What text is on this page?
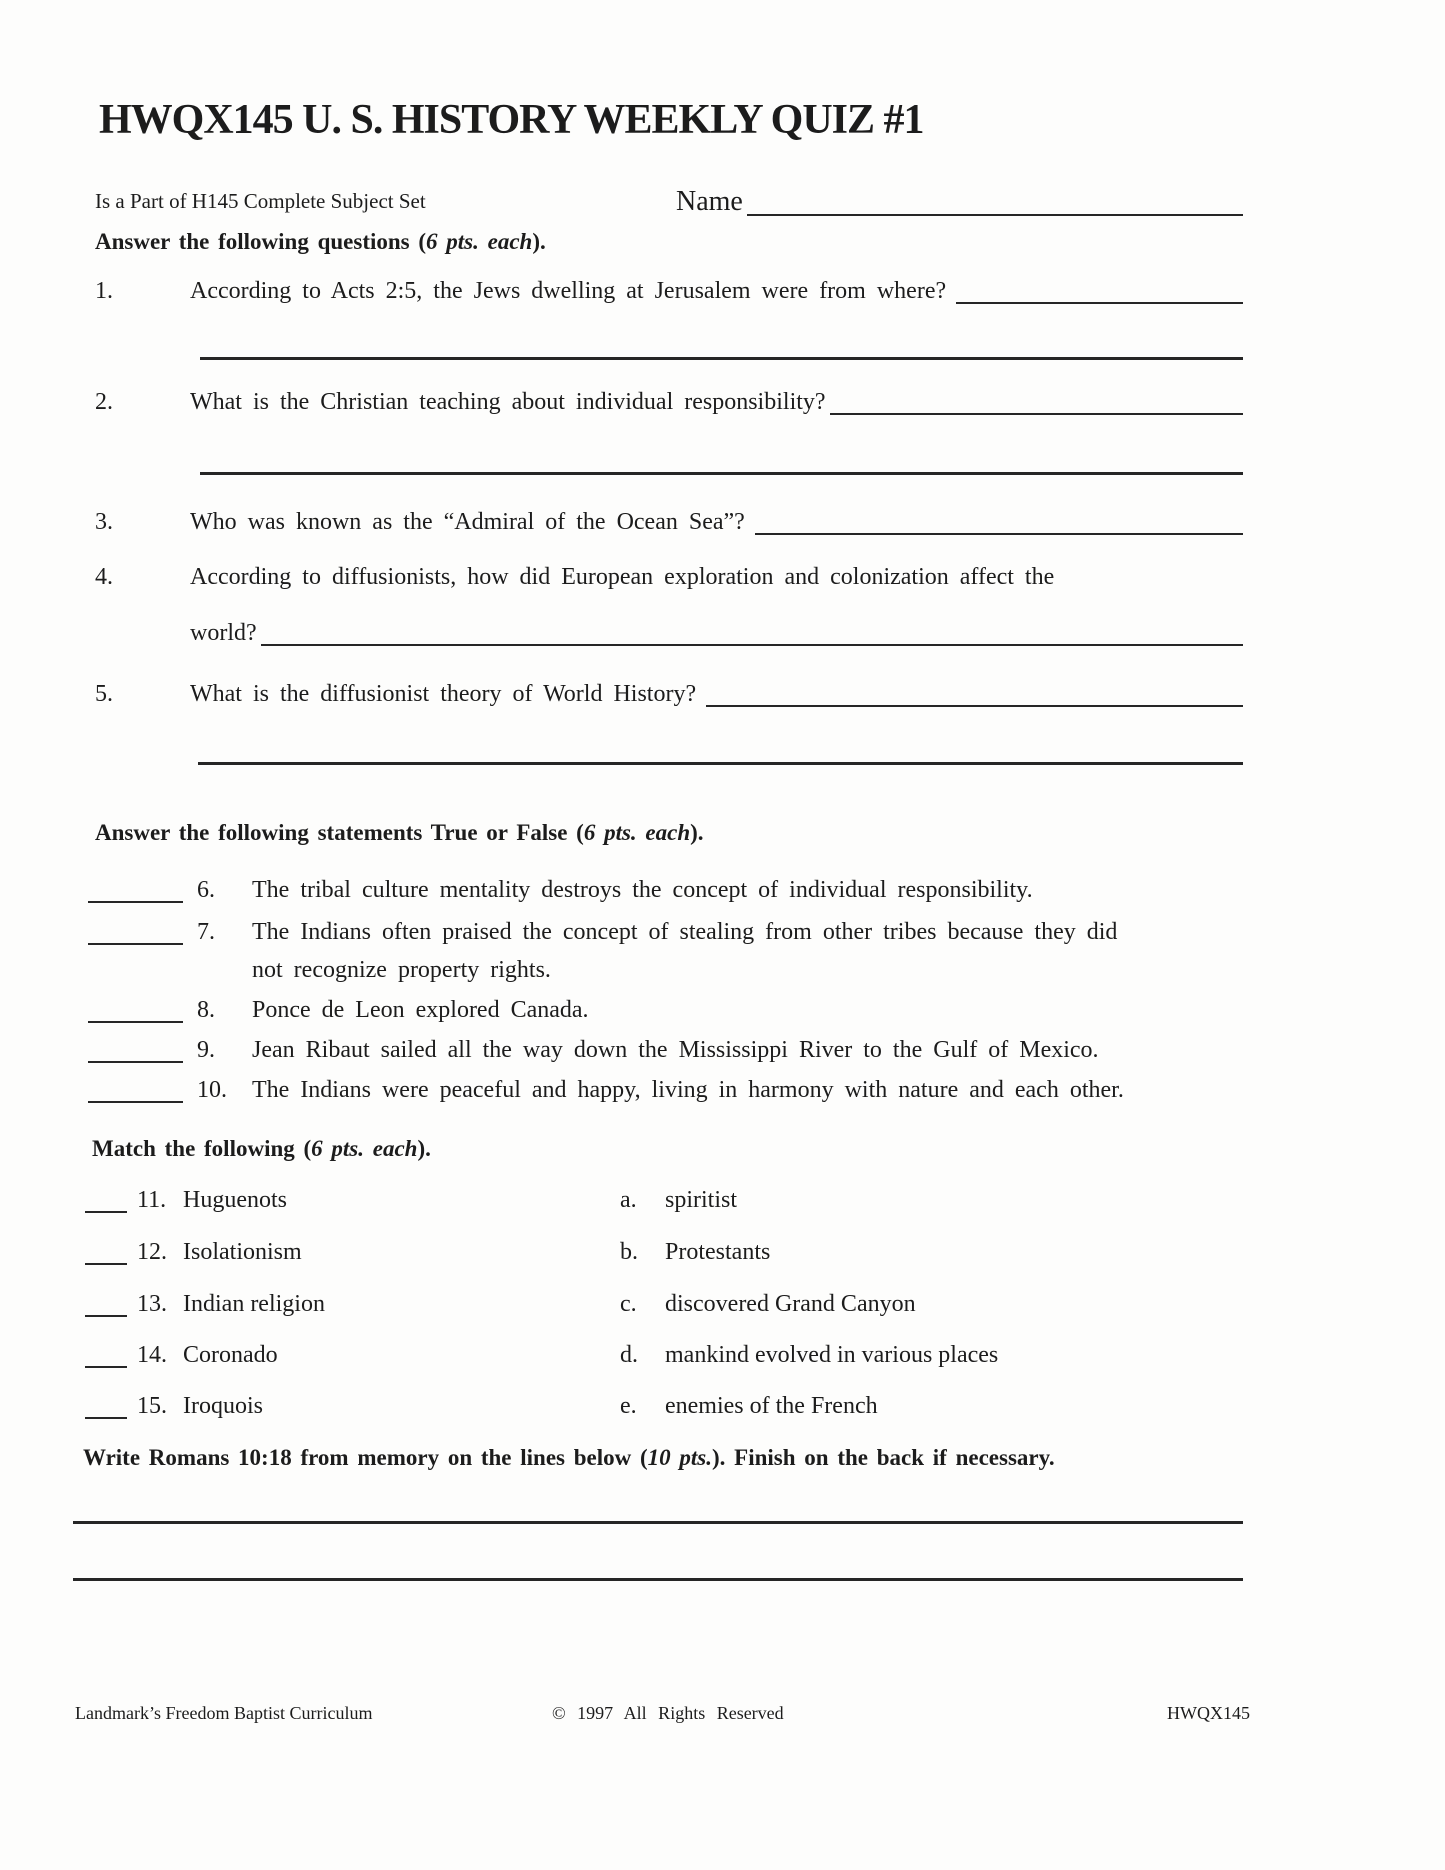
HWQX145 U. S. HISTORY WEEKLY QUIZ #1
Is a Part of H145 Complete Subject Set	Name
Answer the following questions (6 pts. each).
1.	According to Acts 2:5, the Jews dwelling at Jerusalem were from where?
2.	What is the Christian teaching about individual responsibility?
3.	Who was known as the “Admiral of the Ocean Sea”?
4.	According to diffusionists, how did European exploration and colonization affect the
world?
5.	What is the diffusionist theory of World History?
Answer the following statements True or False (6 pts. each).
6.	The tribal culture mentality destroys the concept of individual responsibility.
7.	The Indians often praised the concept of stealing from other tribes because they did
not recognize property rights.
8.	Ponce de Leon explored Canada.
9.	Jean Ribaut sailed all the way down the Mississippi River to the Gulf of Mexico.
10.	The Indians were peaceful and happy, living in harmony with nature and each other.
Match the following (6 pts. each).
11. Huguenots	a.	spiritist
12. Isolationism	b.	Protestants
13. Indian religion	c.	discovered Grand Canyon
14. Coronado	d.	mankind evolved in various places
15. Iroquois	e.	enemies of the French
Write Romans 10:18 from memory on the lines below (10 pts.). Finish on the back if necessary.
Landmark’s Freedom Baptist Curriculum	© 1997 All Rights Reserved	HWQX145
